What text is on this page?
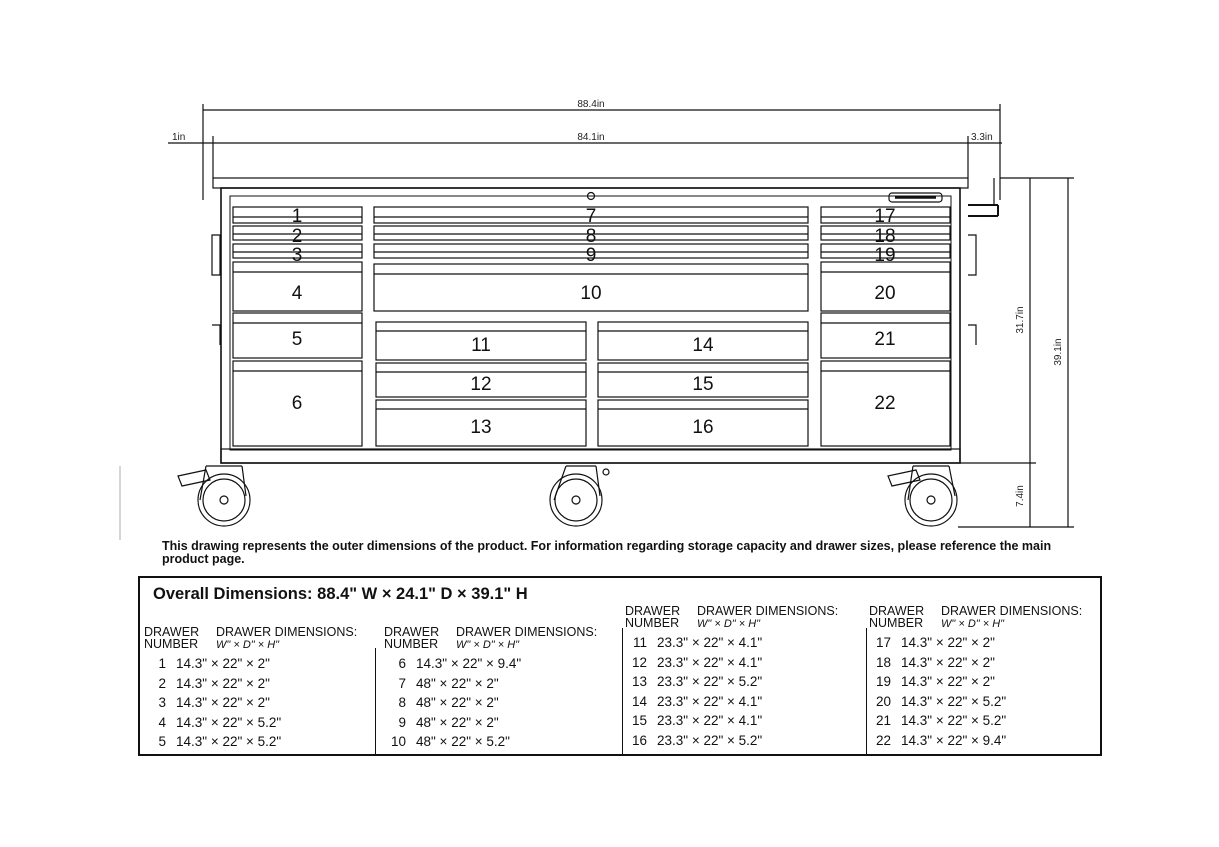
88.4in
84.1in
1in	3.3in
31.7in
39.1in
7.4in
1
2
3
4
5
6
7
8
9
10
11
12
13
14
15
16
17
18
19
20
21
22
This drawing represents the outer dimensions of the product. For information regarding storage capacity and drawer sizes, please reference the main product page.
Overall Dimensions: 88.4" W × 24.1" D × 39.1" H
DRAWER
NUMBERDRAWER DIMENSIONS:
W" × D" × H"
1 14.3" × 22" × 2"
2 14.3" × 22" × 2"
3 14.3" × 22" × 2"
4 14.3" × 22" × 5.2"
5 14.3" × 22" × 5.2"
DRAWER
NUMBERDRAWER DIMENSIONS:
W" × D" × H"
6 14.3" × 22" × 9.4"
7 48" × 22" × 2"
8 48" × 22" × 2"
9 48" × 22" × 2"
10 48" × 22" × 5.2"
DRAWER
NUMBERDRAWER DIMENSIONS:
W" × D" × H"
11 23.3" × 22" × 4.1"
12 23.3" × 22" × 4.1"
13 23.3" × 22" × 5.2"
14 23.3" × 22" × 4.1"
15 23.3" × 22" × 4.1"
16 23.3" × 22" × 5.2"
DRAWER
NUMBERDRAWER DIMENSIONS:
W" × D" × H"
17 14.3" × 22" × 2"
18 14.3" × 22" × 2"
19 14.3" × 22" × 2"
20 14.3" × 22" × 5.2"
21 14.3" × 22" × 5.2"
22 14.3" × 22" × 9.4"
